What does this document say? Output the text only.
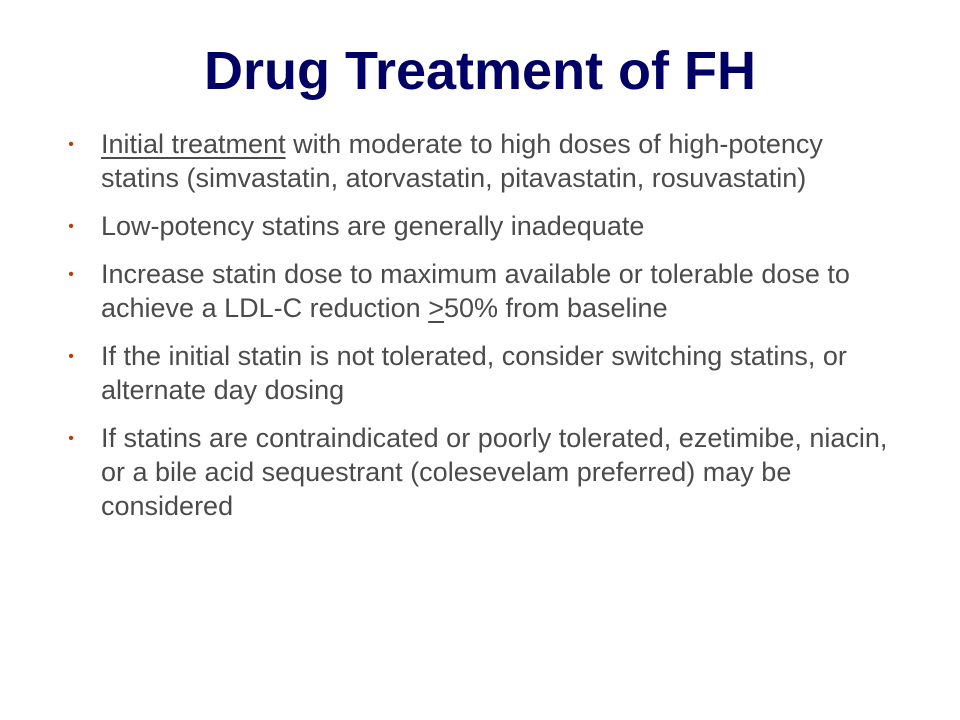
Drug Treatment of FH
• Initial treatment with moderate to high doses of high-potency statins (simvastatin, atorvastatin, pitavastatin, rosuvastatin)
• Low-potency statins are generally inadequate
• Increase statin dose to maximum available or tolerable dose to achieve a LDL-C reduction ≥50% from baseline
• If the initial statin is not tolerated, consider switching statins, or alternate day dosing
• If statins are contraindicated or poorly tolerated, ezetimibe, niacin, or a bile acid sequestrant (colesevelam preferred) may be considered
